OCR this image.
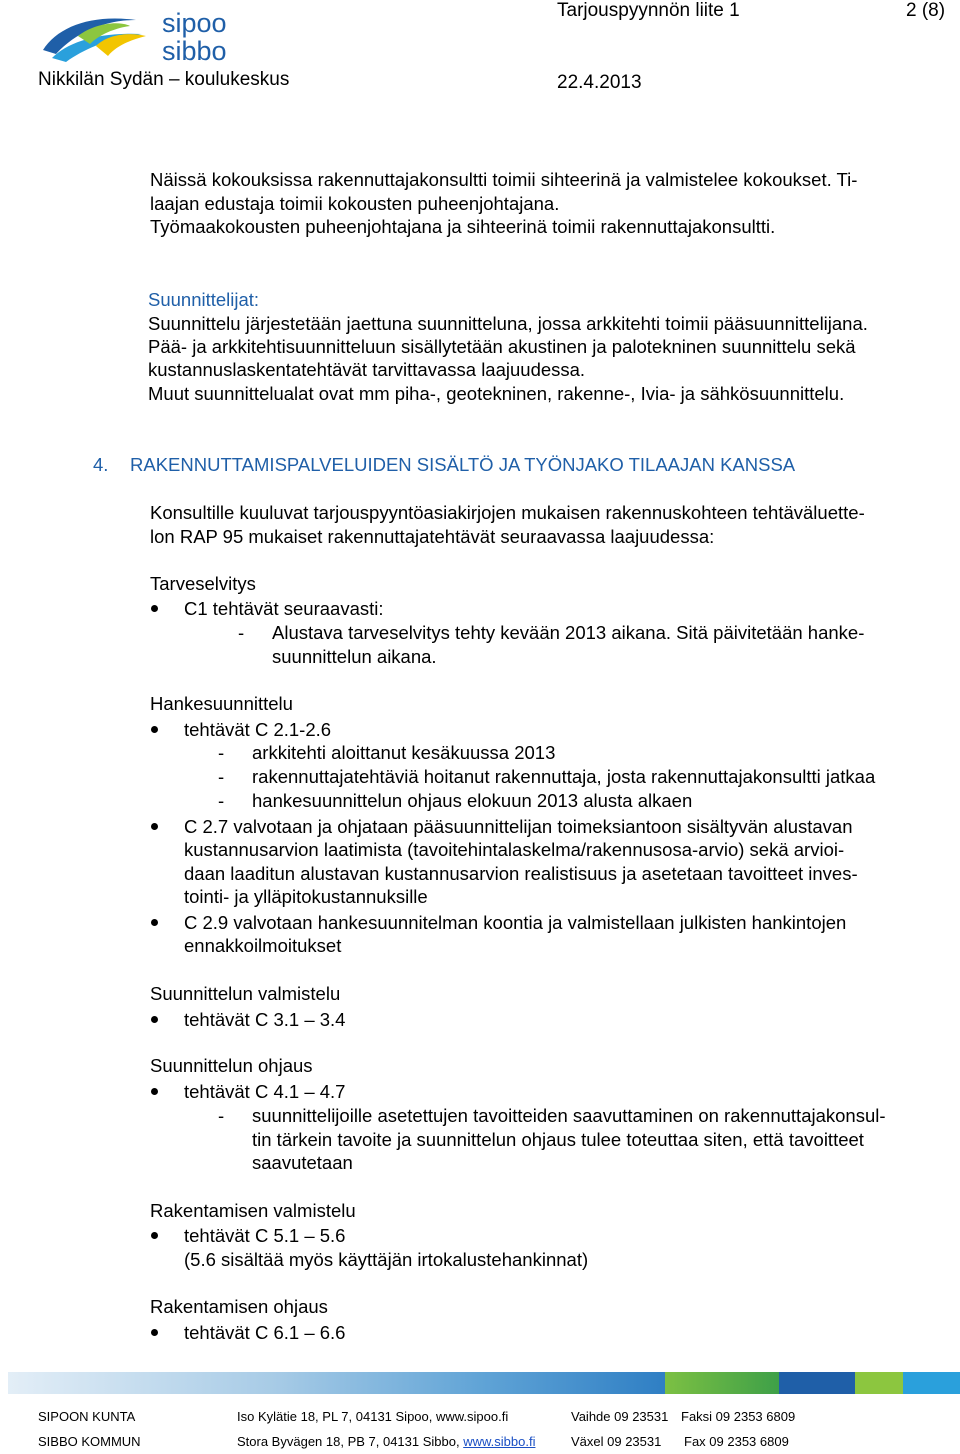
sipoo
sibbo
Tarjouspyynnön liite 1	2 (8)
Nikkilän Sydän – koulukeskus	22.4.2013
Näissä kokouksissa rakennuttajakonsultti toimii sihteerinä ja valmistelee kokoukset. Ti-
laajan edustaja toimii kokousten puheenjohtajana.
Työmaakokousten puheenjohtajana ja sihteerinä toimii rakennuttajakonsultti.
Suunnittelijat:
Suunnittelu järjestetään jaettuna suunnitteluna, jossa arkkitehti toimii pääsuunnittelijana.
Pää- ja arkkitehtisuunnitteluun sisällytetään akustinen ja palotekninen suunnittelu sekä
kustannuslaskentatehtävät tarvittavassa laajuudessa.
Muut suunnittelualat ovat mm piha-, geotekninen, rakenne-, Ivia- ja sähkösuunnittelu.
4. RAKENNUTTAMISPALVELUIDEN SISÄLTÖ JA TYÖNJAKO TILAAJAN KANSSA
Konsultille kuuluvat tarjouspyyntöasiakirjojen mukaisen rakennuskohteen tehtäväluette-
lon RAP 95 mukaiset rakennuttajatehtävät seuraavassa laajuudessa:
Tarveselvitys
C1 tehtävät seuraavasti:
- Alustava tarveselvitys tehty kevään 2013 aikana. Sitä päivitetään hanke-
suunnittelun aikana.
Hankesuunnittelu
tehtävät C 2.1-2.6
- arkkitehti aloittanut kesäkuussa 2013
- rakennuttajatehtäviä hoitanut rakennuttaja, josta rakennuttajakonsultti jatkaa
- hankesuunnittelun ohjaus elokuun 2013 alusta alkaen
C 2.7 valvotaan ja ohjataan pääsuunnittelijan toimeksiantoon sisältyvän alustavan
kustannusarvion laatimista (tavoitehintalaskelma/rakennusosa-arvio) sekä arvioi-
daan laaditun alustavan kustannusarvion realistisuus ja asetetaan tavoitteet inves-
tointi- ja ylläpitokustannuksille
C 2.9 valvotaan hankesuunnitelman koontia ja valmistellaan julkisten hankintojen
ennakkoilmoitukset
Suunnittelun valmistelu
tehtävät C 3.1 – 3.4
Suunnittelun ohjaus
tehtävät C 4.1 – 4.7
- suunnittelijoille asetettujen tavoitteiden saavuttaminen on rakennuttajakonsul-
tin tärkein tavoite ja suunnittelun ohjaus tulee toteuttaa siten, että tavoitteet
saavutetaan
Rakentamisen valmistelu
tehtävät C 5.1 – 5.6
(5.6 sisältää myös käyttäjän irtokalustehankinnat)
Rakentamisen ohjaus
tehtävät C 6.1 – 6.6
SIPOON KUNTA	Iso Kylätie 18, PL 7, 04131 Sipoo, www.sipoo.fi	Vaihde 09 23531 Faksi 09 2353 6809
SIBBO KOMMUN	Stora Byvägen 18, PB 7, 04131 Sibbo, www.sibbo.fi	Växel 09 23531 Fax 09 2353 6809
